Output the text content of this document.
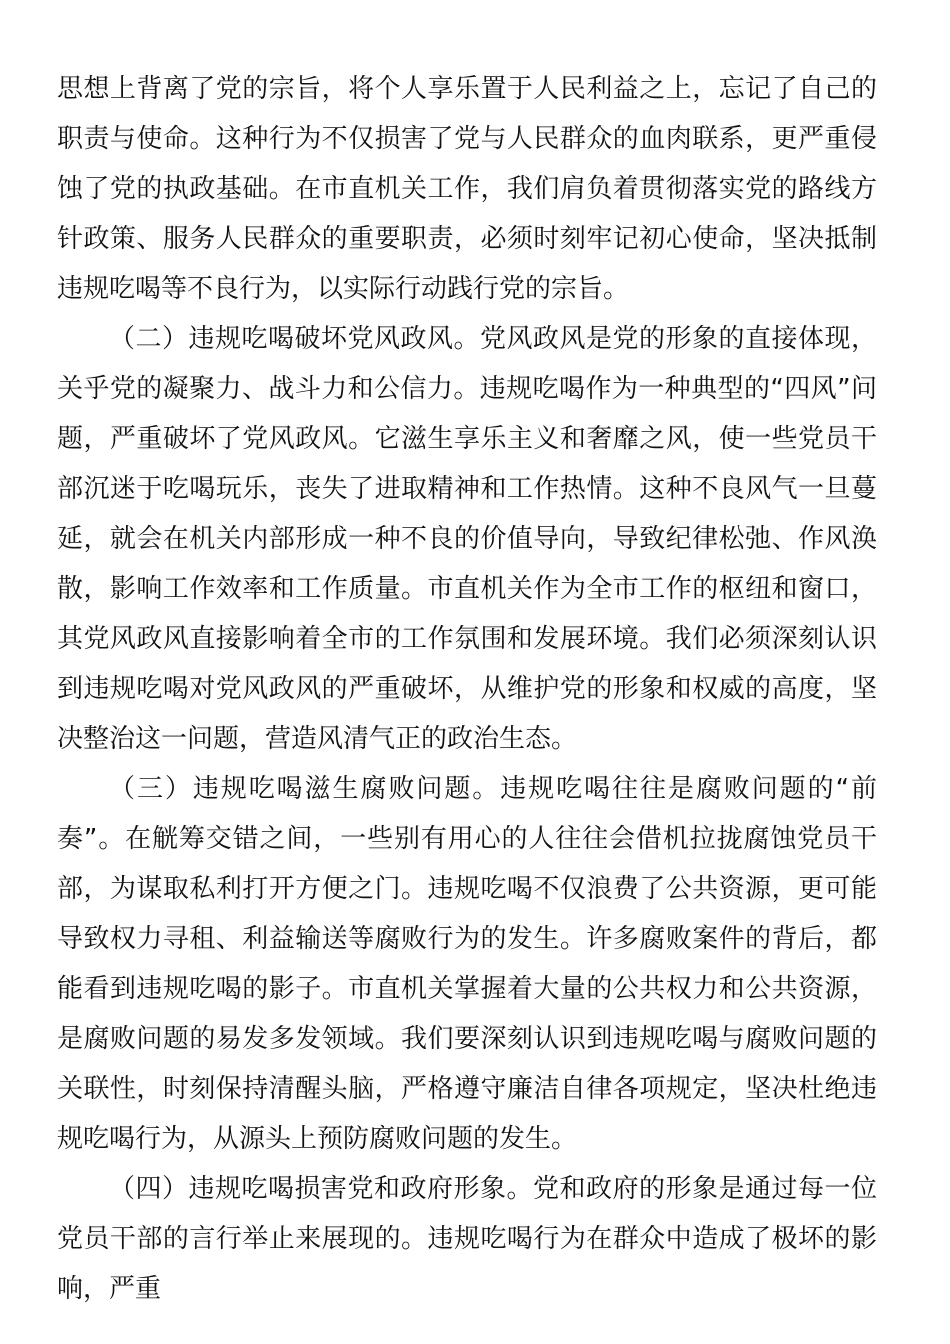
思想上背离了党的宗旨，将个人享乐置于人民利益之上，忘记了自己的职责与使命。这种行为不仅损害了党与人民群众的血肉联系，更严重侵蚀了党的执政基础。在市直机关工作，我们肩负着贯彻落实党的路线方针政策、服务人民群众的重要职责，必须时刻牢记初心使命，坚决抵制违规吃喝等不良行为，以实际行动践行党的宗旨。

（二）违规吃喝破坏党风政风。党风政风是党的形象的直接体现，关乎党的凝聚力、战斗力和公信力。违规吃喝作为一种典型的“四风”问题，严重破坏了党风政风。它滋生享乐主义和奢靡之风，使一些党员干部沉迷于吃喝玩乐，丧失了进取精神和工作热情。这种不良风气一旦蔓延，就会在机关内部形成一种不良的价值导向，导致纪律松弛、作风涣散，影响工作效率和工作质量。市直机关作为全市工作的枢纽和窗口，其党风政风直接影响着全市的工作氛围和发展环境。我们必须深刻认识到违规吃喝对党风政风的严重破坏，从维护党的形象和权威的高度，坚决整治这一问题，营造风清气正的政治生态。

（三）违规吃喝滋生腐败问题。违规吃喝往往是腐败问题的“前奏”。在觥筹交错之间，一些别有用心的人往往会借机拉拢腐蚀党员干部，为谋取私利打开方便之门。违规吃喝不仅浪费了公共资源，更可能导致权力寻租、利益输送等腐败行为的发生。许多腐败案件的背后，都能看到违规吃喝的影子。市直机关掌握着大量的公共权力和公共资源，是腐败问题的易发多发领域。我们要深刻认识到违规吃喝与腐败问题的关联性，时刻保持清醒头脑，严格遵守廉洁自律各项规定，坚决杜绝违规吃喝行为，从源头上预防腐败问题的发生。

（四）违规吃喝损害党和政府形象。党和政府的形象是通过每一位党员干部的言行举止来展现的。违规吃喝行为在群众中造成了极坏的影响，严重
